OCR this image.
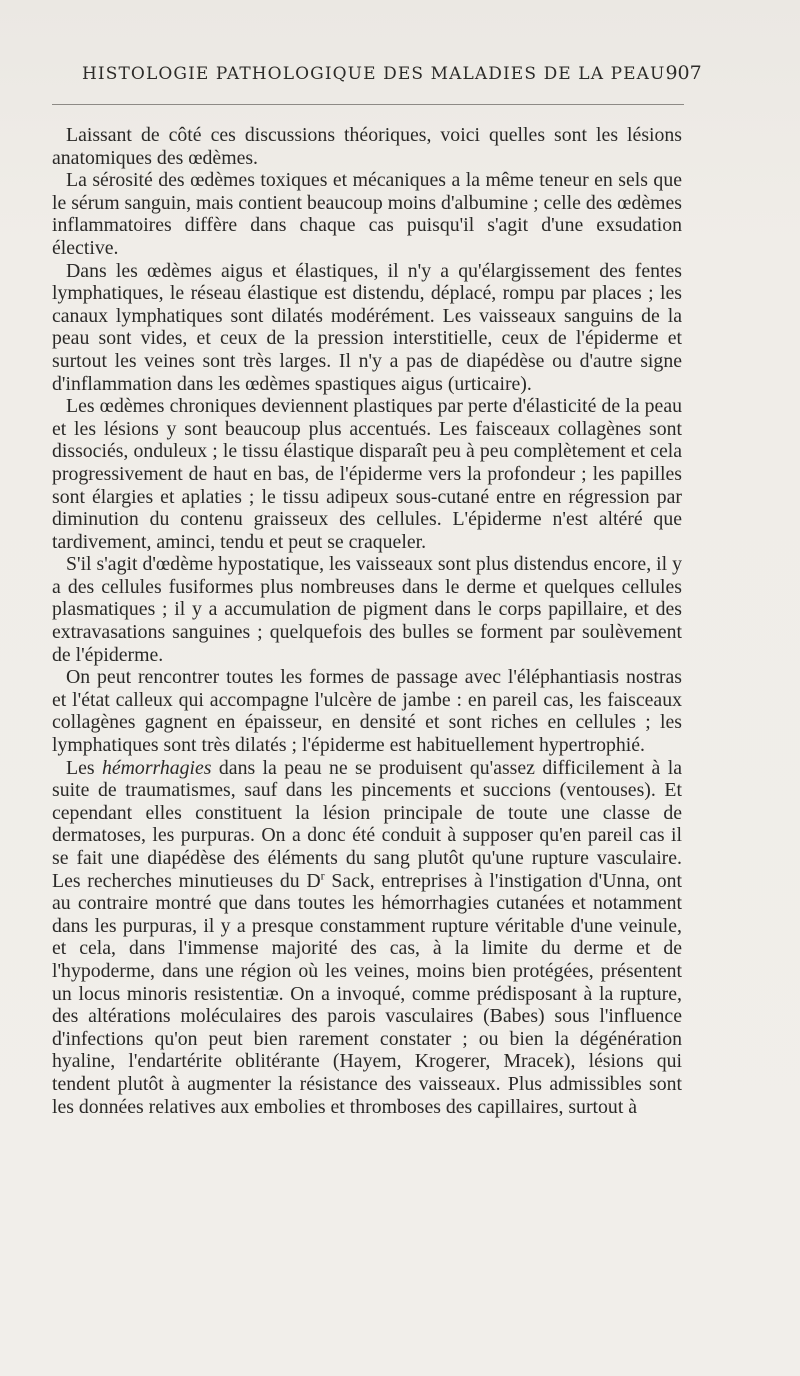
HISTOLOGIE PATHOLOGIQUE DES MALADIES DE LA PEAU 907

Laissant de côté ces discussions théoriques, voici quelles sont les lésions anatomiques des œdèmes.

La sérosité des œdèmes toxiques et mécaniques a la même teneur en sels que le sérum sanguin, mais contient beaucoup moins d'albumine ; celle des œdèmes inflammatoires diffère dans chaque cas puisqu'il s'agit d'une exsudation élective.

Dans les œdèmes aigus et élastiques, il n'y a qu'élargissement des fentes lymphatiques, le réseau élastique est distendu, déplacé, rompu par places ; les canaux lymphatiques sont dilatés modérément. Les vaisseaux sanguins de la peau sont vides, et ceux de la pression interstitielle, ceux de l'épiderme et surtout les veines sont très larges. Il n'y a pas de diapédèse ou d'autre signe d'inflammation dans les œdèmes spastiques aigus (urticaire).

Les œdèmes chroniques deviennent plastiques par perte d'élasticité de la peau et les lésions y sont beaucoup plus accentués. Les faisceaux collagènes sont dissociés, onduleux ; le tissu élastique disparaît peu à peu complètement et cela progressivement de haut en bas, de l'épiderme vers la profondeur ; les papilles sont élargies et aplaties ; le tissu adipeux sous-cutané entre en régression par diminution du contenu graisseux des cellules. L'épiderme n'est altéré que tardivement, aminci, tendu et peut se craqueler.

S'il s'agit d'œdème hypostatique, les vaisseaux sont plus distendus encore, il y a des cellules fusiformes plus nombreuses dans le derme et quelques cellules plasmatiques ; il y a accumulation de pigment dans le corps papillaire, et des extravasations sanguines ; quelquefois des bulles se forment par soulèvement de l'épiderme.

On peut rencontrer toutes les formes de passage avec l'éléphantiasis nostras et l'état calleux qui accompagne l'ulcère de jambe : en pareil cas, les faisceaux collagènes gagnent en épaisseur, en densité et sont riches en cellules ; les lymphatiques sont très dilatés ; l'épiderme est habituellement hypertrophié.

Les hémorrhagies dans la peau ne se produisent qu'assez difficilement à la suite de traumatismes, sauf dans les pincements et succions (ventouses). Et cependant elles constituent la lésion principale de toute une classe de dermatoses, les purpuras. On a donc été conduit à supposer qu'en pareil cas il se fait une diapédèse des éléments du sang plutôt qu'une rupture vasculaire. Les recherches minutieuses du $D^r$ Sack, entreprises à l'instigation d'Unna, ont au contraire montré que dans toutes les hémorrhagies cutanées et notamment dans les purpuras, il y a presque constamment rupture véritable d'une veinule, et cela, dans l'immense majorité des cas, à la limite du derme et de l'hypoderme, dans une région où les veines, moins bien protégées, présentent un locus minoris resistentiæ. On a invoqué, comme prédisposant à la rupture, des altérations moléculaires des parois vasculaires (Babes) sous l'influence d'infections qu'on peut bien rarement constater ; ou bien la dégénération hyaline, l'endartérite oblitérante (Hayem, Krogerer, Mracek), lésions qui tendent plutôt à augmenter la résistance des vaisseaux. Plus admissibles sont les données relatives aux embolies et thromboses des capillaires, surtout à
